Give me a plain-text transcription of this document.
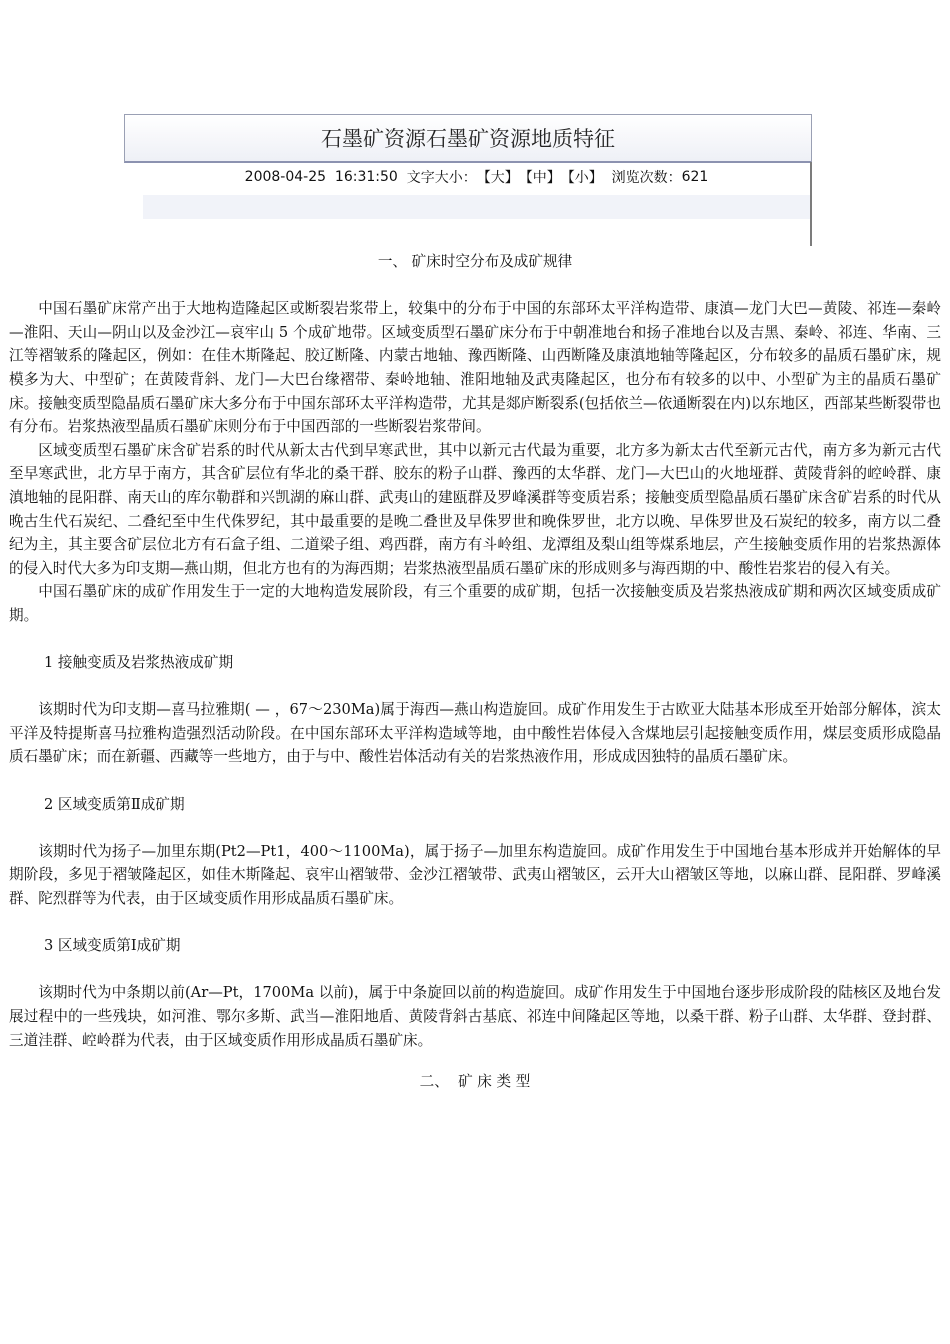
石墨矿资源石墨矿资源地质特征
2008-04-25  16:31:50
文字大小： 【大】 【中】 【小】
浏览次数： 621
一、 矿床时空分布及成矿规律

中国石墨矿床常产出于大地构造隆起区或断裂岩浆带上，较集中的分布于中国的东部环太平洋构造带、康滇—龙门大巴—黄陵、祁连—秦岭—淮阳、天山—阴山以及金沙江—哀牢山 5 个成矿地带。区域变质型石墨矿床分布于中朝准地台和扬子准地台以及吉黑、秦岭、祁连、华南、三江等褶皱系的隆起区，例如：在佳木斯隆起、胶辽断隆、内蒙古地轴、豫西断隆、山西断隆及康滇地轴等隆起区，分布较多的晶质石墨矿床，规模多为大、中型矿；在黄陵背斜、龙门—大巴台缘褶带、秦岭地轴、淮阳地轴及武夷隆起区，也分布有较多的以中、小型矿为主的晶质石墨矿床。接触变质型隐晶质石墨矿床大多分布于中国东部环太平洋构造带，尤其是郯庐断裂系(包括依兰—依通断裂在内)以东地区，西部某些断裂带也有分布。岩浆热液型晶质石墨矿床则分布于中国西部的一些断裂岩浆带间。

区域变质型石墨矿床含矿岩系的时代从新太古代到早寒武世，其中以新元古代最为重要，北方多为新太古代至新元古代，南方多为新元古代至早寒武世，北方早于南方，其含矿层位有华北的桑干群、胶东的粉子山群、豫西的太华群、龙门—大巴山的火地垭群、黄陵背斜的崆岭群、康滇地轴的昆阳群、南天山的库尔勒群和兴凯湖的麻山群、武夷山的建瓯群及罗峰溪群等变质岩系；接触变质型隐晶质石墨矿床含矿岩系的时代从晚古生代石炭纪、二叠纪至中生代侏罗纪，其中最重要的是晚二叠世及早侏罗世和晚侏罗世，北方以晚、早侏罗世及石炭纪的较多，南方以二叠纪为主，其主要含矿层位北方有石盒子组、二道梁子组、鸡西群，南方有斗岭组、龙潭组及梨山组等煤系地层，产生接触变质作用的岩浆热源体的侵入时代大多为印支期—燕山期，但北方也有的为海西期；岩浆热液型晶质石墨矿床的形成则多与海西期的中、酸性岩浆岩的侵入有关。

中国石墨矿床的成矿作用发生于一定的大地构造发展阶段，有三个重要的成矿期，包括一次接触变质及岩浆热液成矿期和两次区域变质成矿期。

1 接触变质及岩浆热液成矿期

该期时代为印支期—喜马拉雅期( — ，67～230Ma)属于海西—燕山构造旋回。成矿作用发生于古欧亚大陆基本形成至开始部分解体，滨太平洋及特提斯喜马拉雅构造强烈活动阶段。在中国东部环太平洋构造域等地，由中酸性岩体侵入含煤地层引起接触变质作用，煤层变质形成隐晶质石墨矿床；而在新疆、西藏等一些地方，由于与中、酸性岩体活动有关的岩浆热液作用，形成成因独特的晶质石墨矿床。

2 区域变质第Ⅱ成矿期

该期时代为扬子—加里东期(Pt2—Pt1，400～1100Ma)，属于扬子—加里东构造旋回。成矿作用发生于中国地台基本形成并开始解体的早期阶段，多见于褶皱隆起区，如佳木斯隆起、哀牢山褶皱带、金沙江褶皱带、武夷山褶皱区，云开大山褶皱区等地，以麻山群、昆阳群、罗峰溪群、陀烈群等为代表，由于区域变质作用形成晶质石墨矿床。

3 区域变质第Ⅰ成矿期

该期时代为中条期以前(Ar—Pt，1700Ma 以前)，属于中条旋回以前的构造旋回。成矿作用发生于中国地台逐步形成阶段的陆核区及地台发展过程中的一些残块，如河淮、鄂尔多斯、武当—淮阳地盾、黄陵背斜古基底、祁连中间隆起区等地，以桑干群、粉子山群、太华群、登封群、三道洼群、崆岭群为代表，由于区域变质作用形成晶质石墨矿床。

二、  矿 床 类 型
